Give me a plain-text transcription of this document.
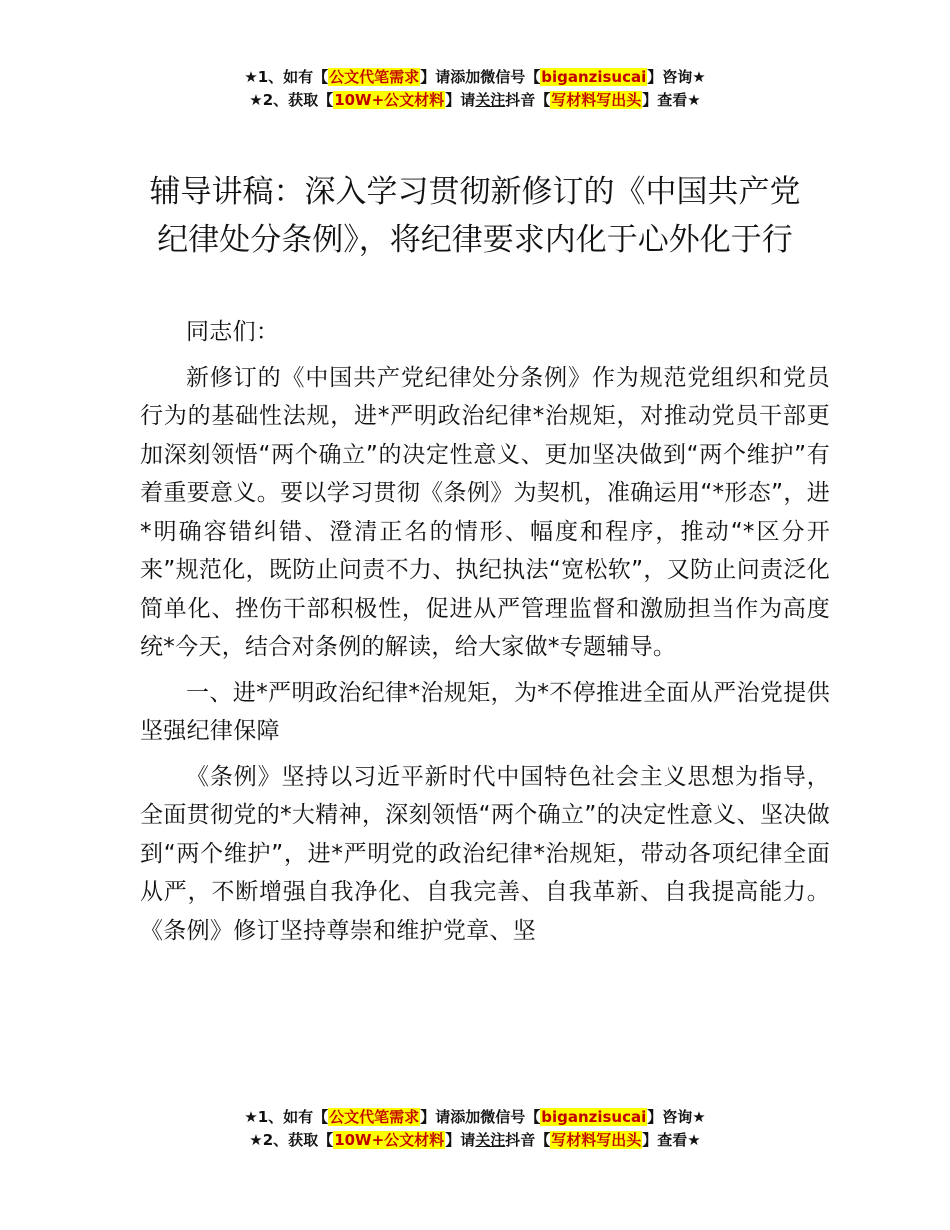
★1、如有【公文代笔需求】请添加微信号【biganzisucai】咨询★
★2、获取【10W+公文材料】请关注抖音【写材料写出头】查看★
辅导讲稿：深入学习贯彻新修订的《中国共产党纪律处分条例》，将纪律要求内化于心外化于行

同志们：

新修订的《中国共产党纪律处分条例》作为规范党组织和党员行为的基础性法规，进*严明政治纪律*治规矩，对推动党员干部更加深刻领悟“两个确立”的决定性意义、更加坚决做到“两个维护”有着重要意义。要以学习贯彻《条例》为契机，准确运用“*形态”，进*明确容错纠错、澄清正名的情形、幅度和程序，推动“*区分开来”规范化，既防止问责不力、执纪执法“宽松软”，又防止问责泛化简单化、挫伤干部积极性，促进从严管理监督和激励担当作为高度统*今天，结合对条例的解读，给大家做*专题辅导。

一、进*严明政治纪律*治规矩，为*不停推进全面从严治党提供坚强纪律保障

《条例》坚持以习近平新时代中国特色社会主义思想为指导，全面贯彻党的*大精神，深刻领悟“两个确立”的决定性意义、坚决做到“两个维护”，进*严明党的政治纪律*治规矩，带动各项纪律全面从严，不断增强自我净化、自我完善、自我革新、自我提高能力。《条例》修订坚持尊崇和维护党章、坚

★1、如有【公文代笔需求】请添加微信号【biganzisucai】咨询★
★2、获取【10W+公文材料】请关注抖音【写材料写出头】查看★
